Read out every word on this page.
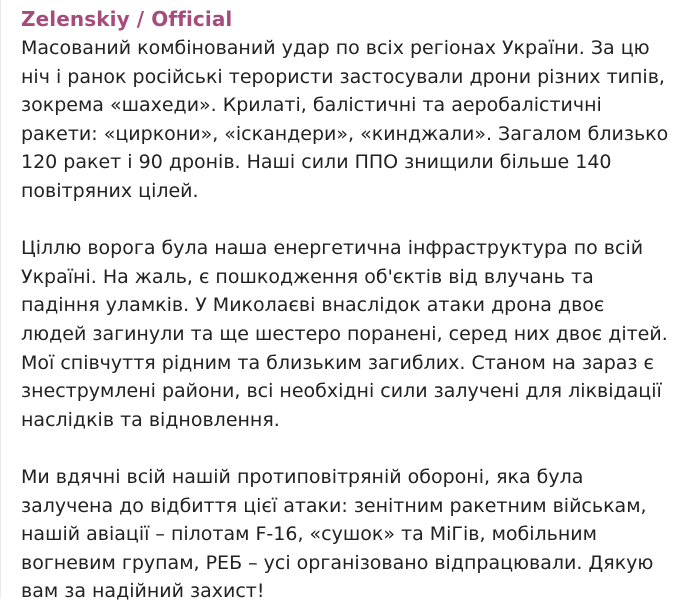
Zelenskiy / Official

Масований комбінований удар по всіх регіонах України. За цю
ніч і ранок російські терористи застосували дрони різних типів,
зокрема «шахеди». Крилаті, балістичні та аеробалістичні
ракети: «циркони», «іскандери», «кинджали». Загалом близько
120 ракет і 90 дронів. Наші сили ППО знищили більше 140
повітряних цілей.

Ціллю ворога була наша енергетична інфраструктура по всій
Україні. На жаль, є пошкодження об'єктів від влучань та
падіння уламків. У Миколаєві внаслідок атаки дрона двоє
людей загинули та ще шестеро поранені, серед них двоє дітей.
Мої співчуття рідним та близьким загиблих. Станом на зараз є
знеструмлені райони, всі необхідні сили залучені для ліквідації
наслідків та відновлення.

Ми вдячні всій нашій протиповітряній обороні, яка була
залучена до відбиття цієї атаки: зенітним ракетним військам,
нашій авіації – пілотам F-16, «сушок» та МіГів, мобільним
вогневим групам, РЕБ – усі організовано відпрацювали. Дякую
вам за надійний захист!
